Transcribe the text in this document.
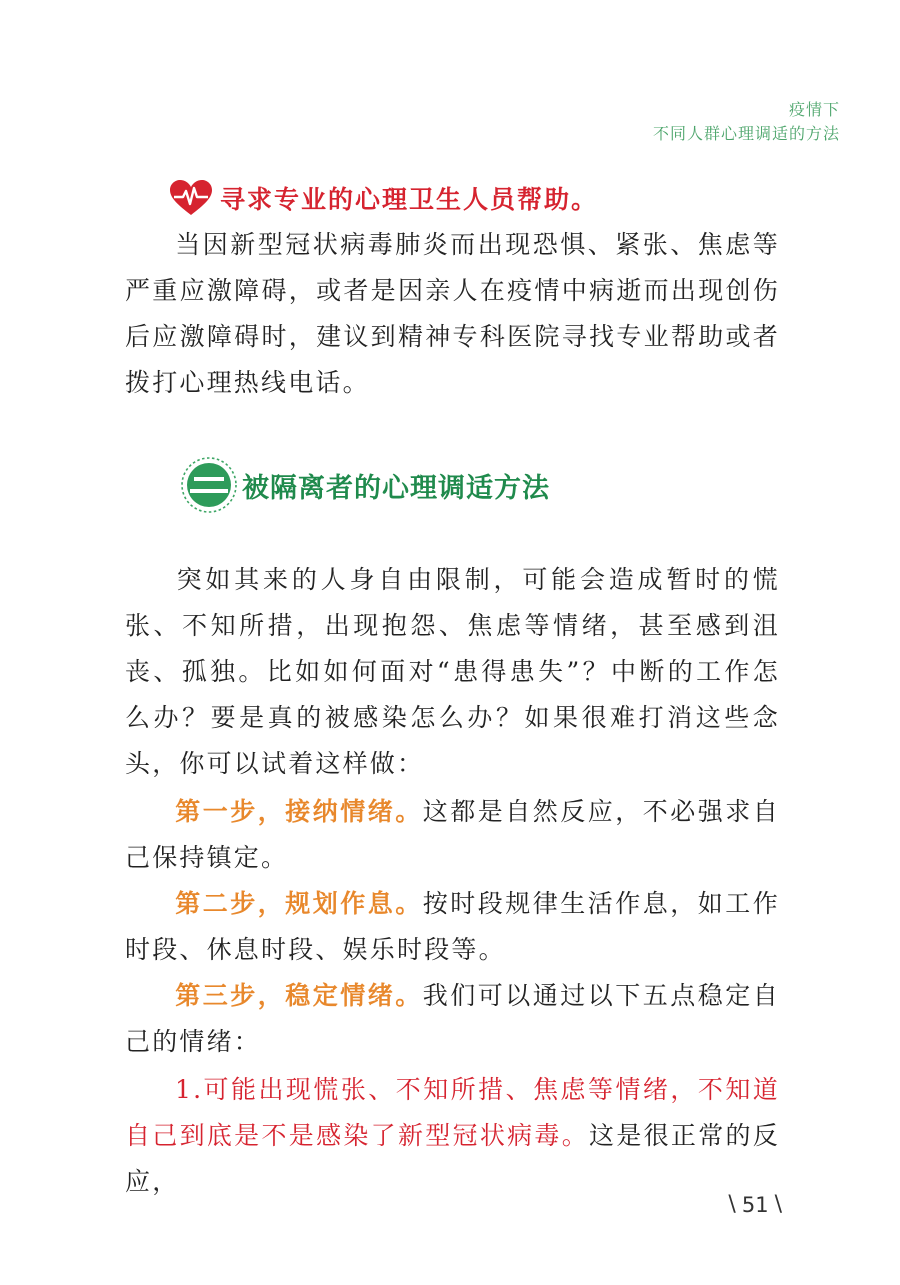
疫情下
不同人群心理调适的方法
寻求专业的心理卫生人员帮助。

当因新型冠状病毒肺炎而出现恐惧、紧张、焦虑等严重应激障碍，或者是因亲人在疫情中病逝而出现创伤后应激障碍时，建议到精神专科医院寻找专业帮助或者拨打心理热线电话。

被隔离者的心理调适方法

突如其来的人身自由限制，可能会造成暂时的慌张、不知所措，出现抱怨、焦虑等情绪，甚至感到沮丧、孤独。比如如何面对“患得患失”？中断的工作怎么办？要是真的被感染怎么办？如果很难打消这些念头，你可以试着这样做：

第一步，接纳情绪。这都是自然反应，不必强求自己保持镇定。

第二步，规划作息。按时段规律生活作息，如工作时段、休息时段、娱乐时段等。

第三步，稳定情绪。我们可以通过以下五点稳定自己的情绪：

1.可能出现慌张、不知所措、焦虑等情绪，不知道自己到底是不是感染了新型冠状病毒。这是很正常的反应，

\ 51 \
